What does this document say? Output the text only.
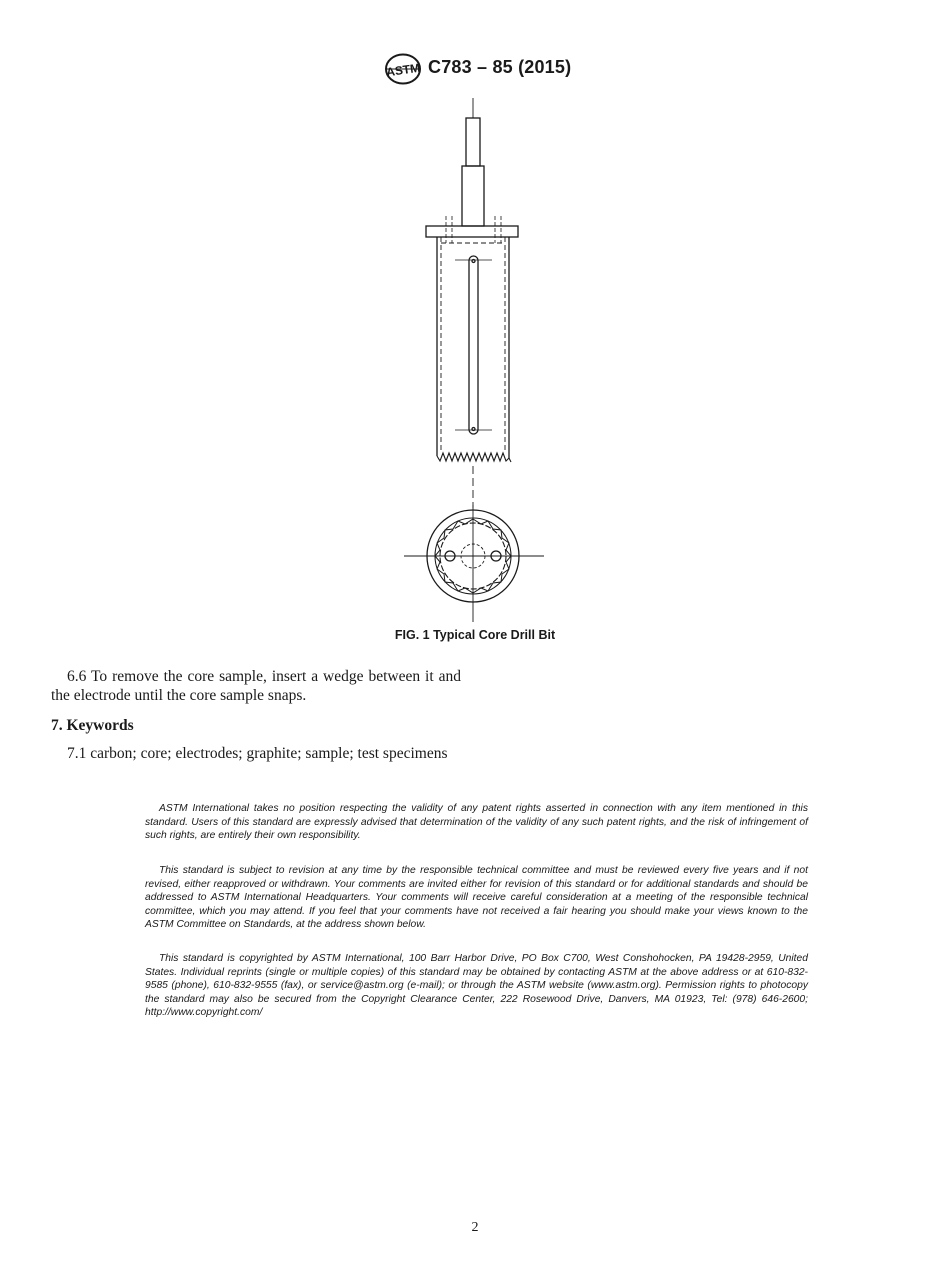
ASTM C783 – 85 (2015)
FIG. 1 Typical Core Drill Bit
6.6 To remove the core sample, insert a wedge between it and the electrode until the core sample snaps.
7. Keywords
7.1 carbon; core; electrodes; graphite; sample; test specimens
ASTM International takes no position respecting the validity of any patent rights asserted in connection with any item mentioned in this standard. Users of this standard are expressly advised that determination of the validity of any such patent rights, and the risk of infringement of such rights, are entirely their own responsibility.
This standard is subject to revision at any time by the responsible technical committee and must be reviewed every five years and if not revised, either reapproved or withdrawn. Your comments are invited either for revision of this standard or for additional standards and should be addressed to ASTM International Headquarters. Your comments will receive careful consideration at a meeting of the responsible technical committee, which you may attend. If you feel that your comments have not received a fair hearing you should make your views known to the ASTM Committee on Standards, at the address shown below.
This standard is copyrighted by ASTM International, 100 Barr Harbor Drive, PO Box C700, West Conshohocken, PA 19428-2959, United States. Individual reprints (single or multiple copies) of this standard may be obtained by contacting ASTM at the above address or at 610-832-9585 (phone), 610-832-9555 (fax), or service@astm.org (e-mail); or through the ASTM website (www.astm.org). Permission rights to photocopy the standard may also be secured from the Copyright Clearance Center, 222 Rosewood Drive, Danvers, MA 01923, Tel: (978) 646-2600; http://www.copyright.com/
2
